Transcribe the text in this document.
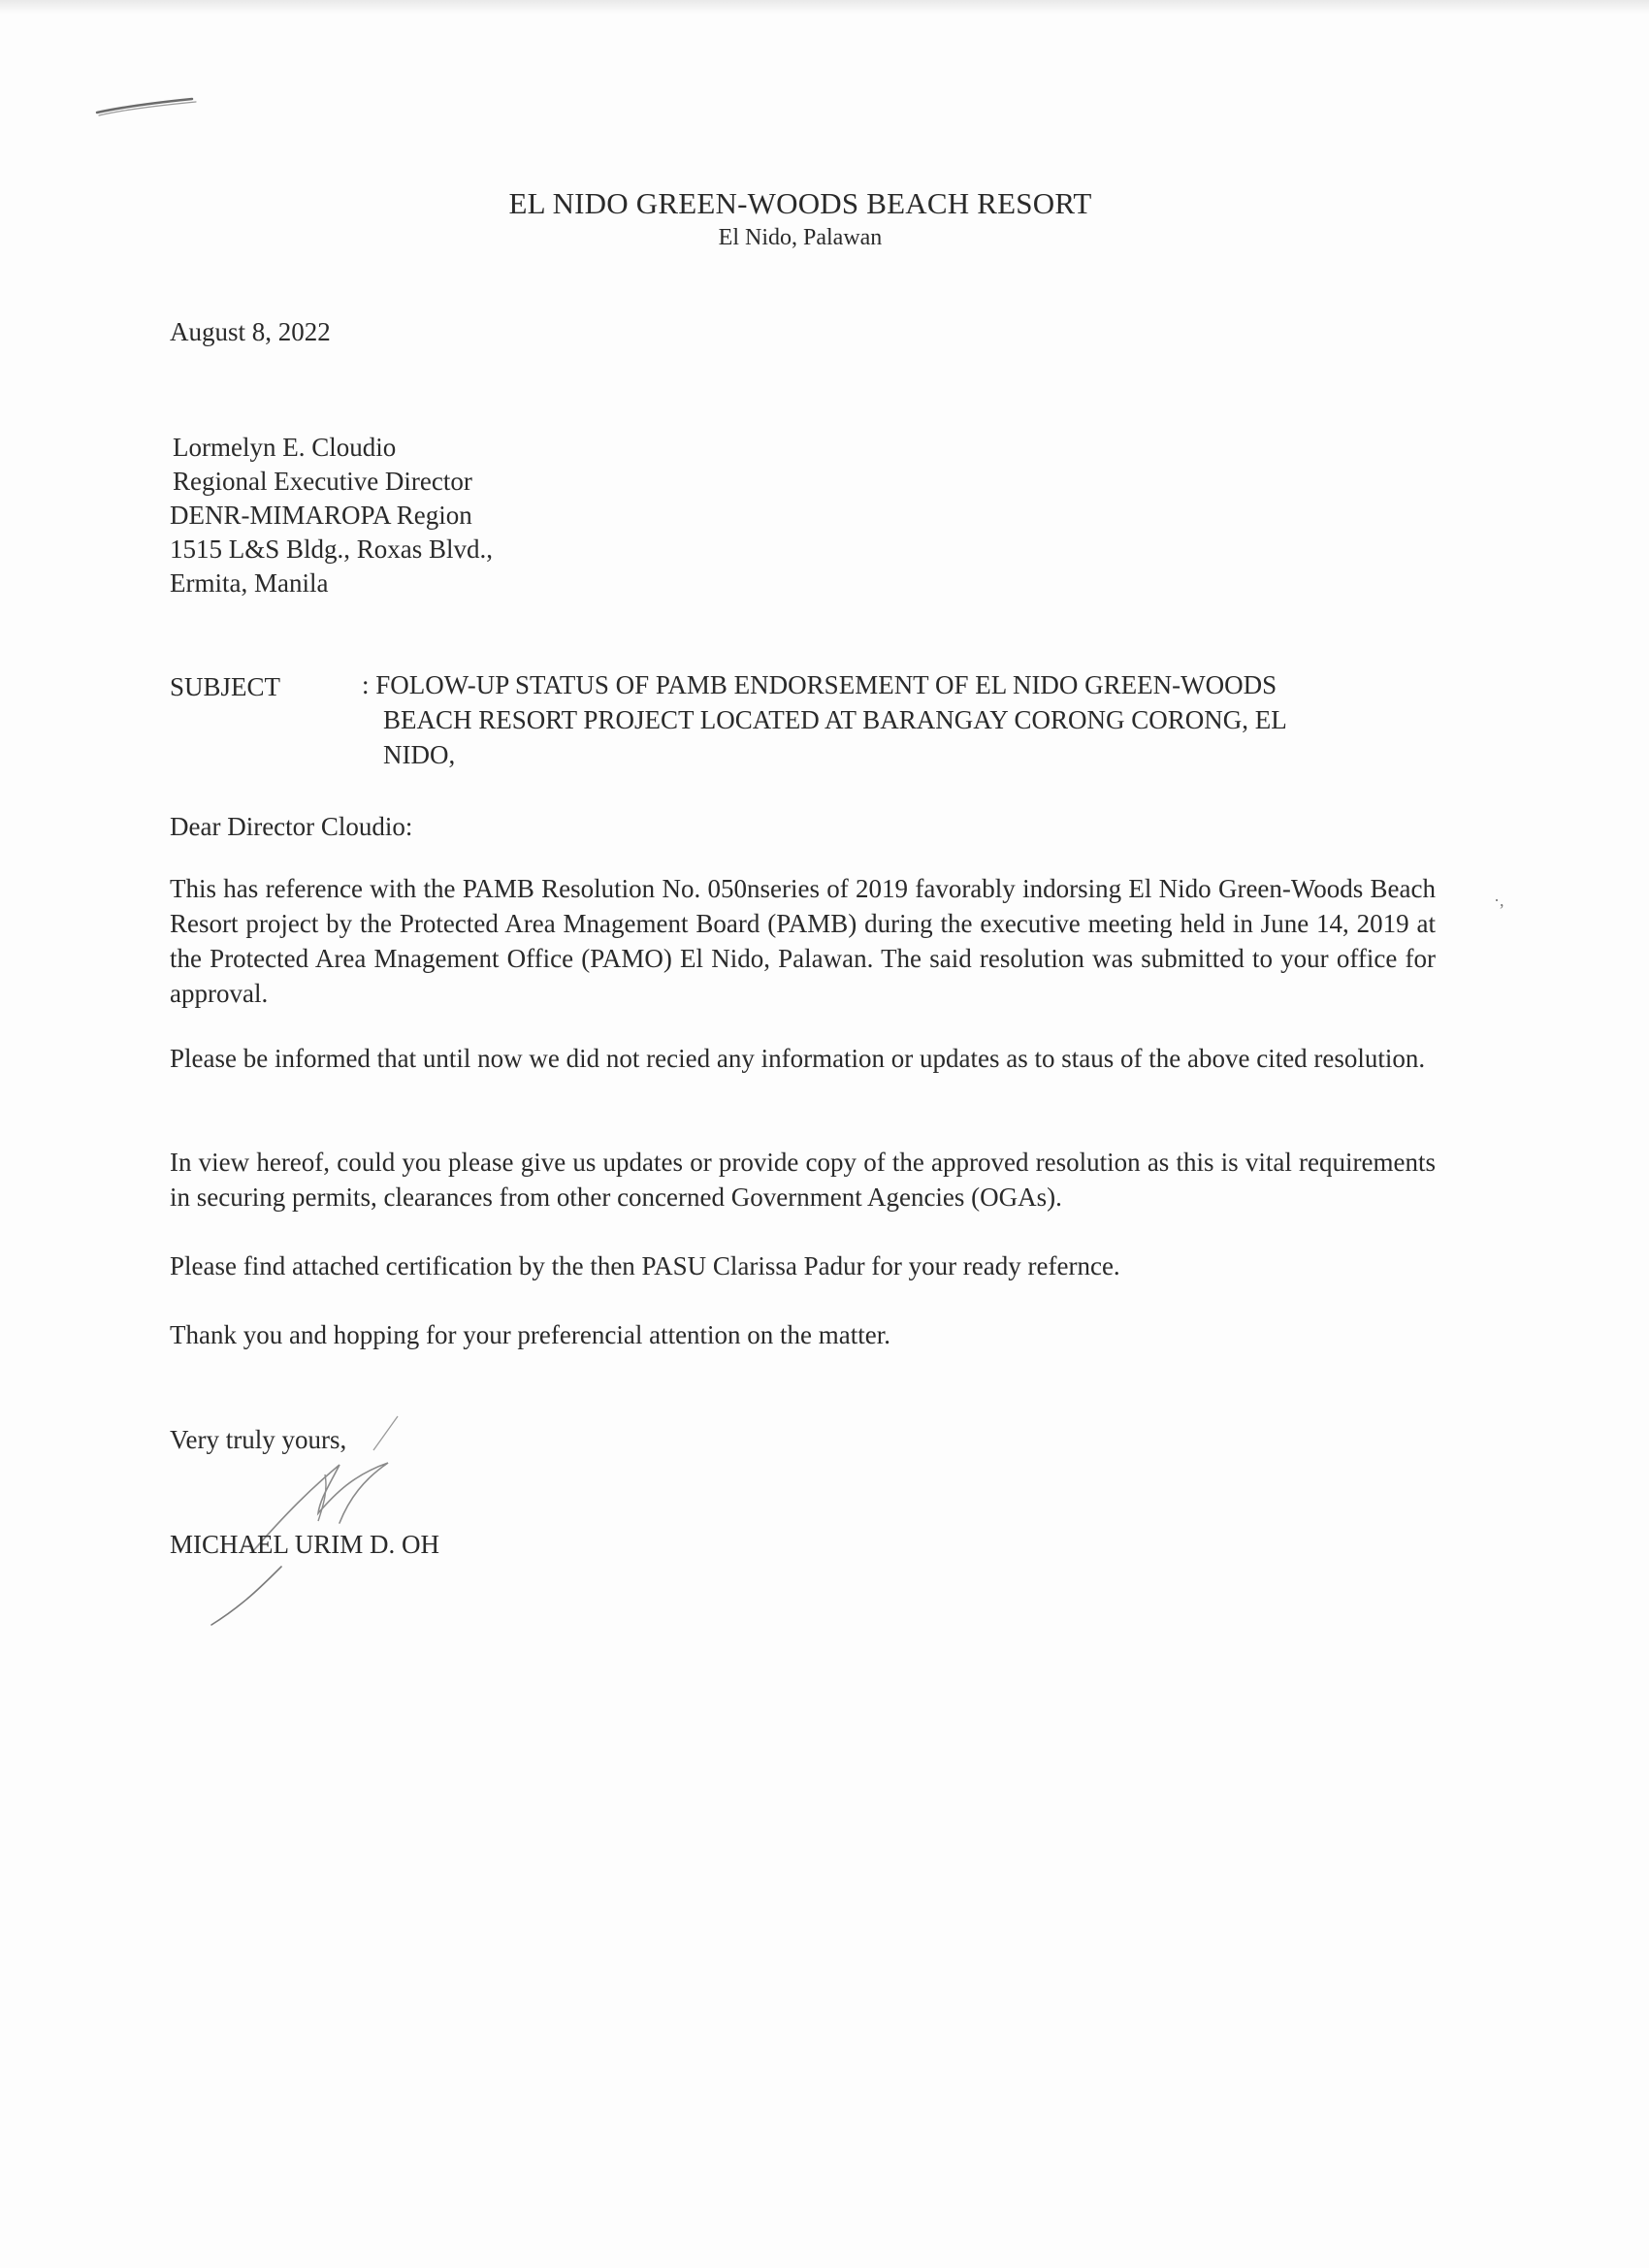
EL NIDO GREEN-WOODS BEACH RESORT
El Nido, Palawan
August 8, 2022
Lormelyn E. Cloudio
Regional Executive Director
DENR-MIMAROPA Region
1515 L&S Bldg., Roxas Blvd.,
Ermita, Manila
SUBJECT	: FOLOW-UP STATUS OF PAMB ENDORSEMENT OF EL NIDO GREEN-WOODS
BEACH RESORT PROJECT LOCATED AT BARANGAY CORONG CORONG, EL
NIDO,
Dear Director Cloudio:
This has reference with the PAMB Resolution No. 050nseries of 2019 favorably indorsing El Nido Green-Woods Beach Resort project by the Protected Area Mnagement Board (PAMB) during the executive meeting held in June 14, 2019 at the Protected Area Mnagement Office (PAMO) El Nido, Palawan. The said resolution was submitted to your office for approval.
·,
Please be informed that until now we did not recied any information or updates as to staus of the above cited resolution.
In view hereof, could you please give us updates or provide copy of the approved resolution as this is vital requirements in securing permits, clearances from other concerned Government Agencies (OGAs).
Please find attached certification by the then PASU Clarissa Padur for your ready refernce.
Thank you and hopping for your preferencial attention on the matter.
Very truly yours,
MICHAEL URIM D. OH
